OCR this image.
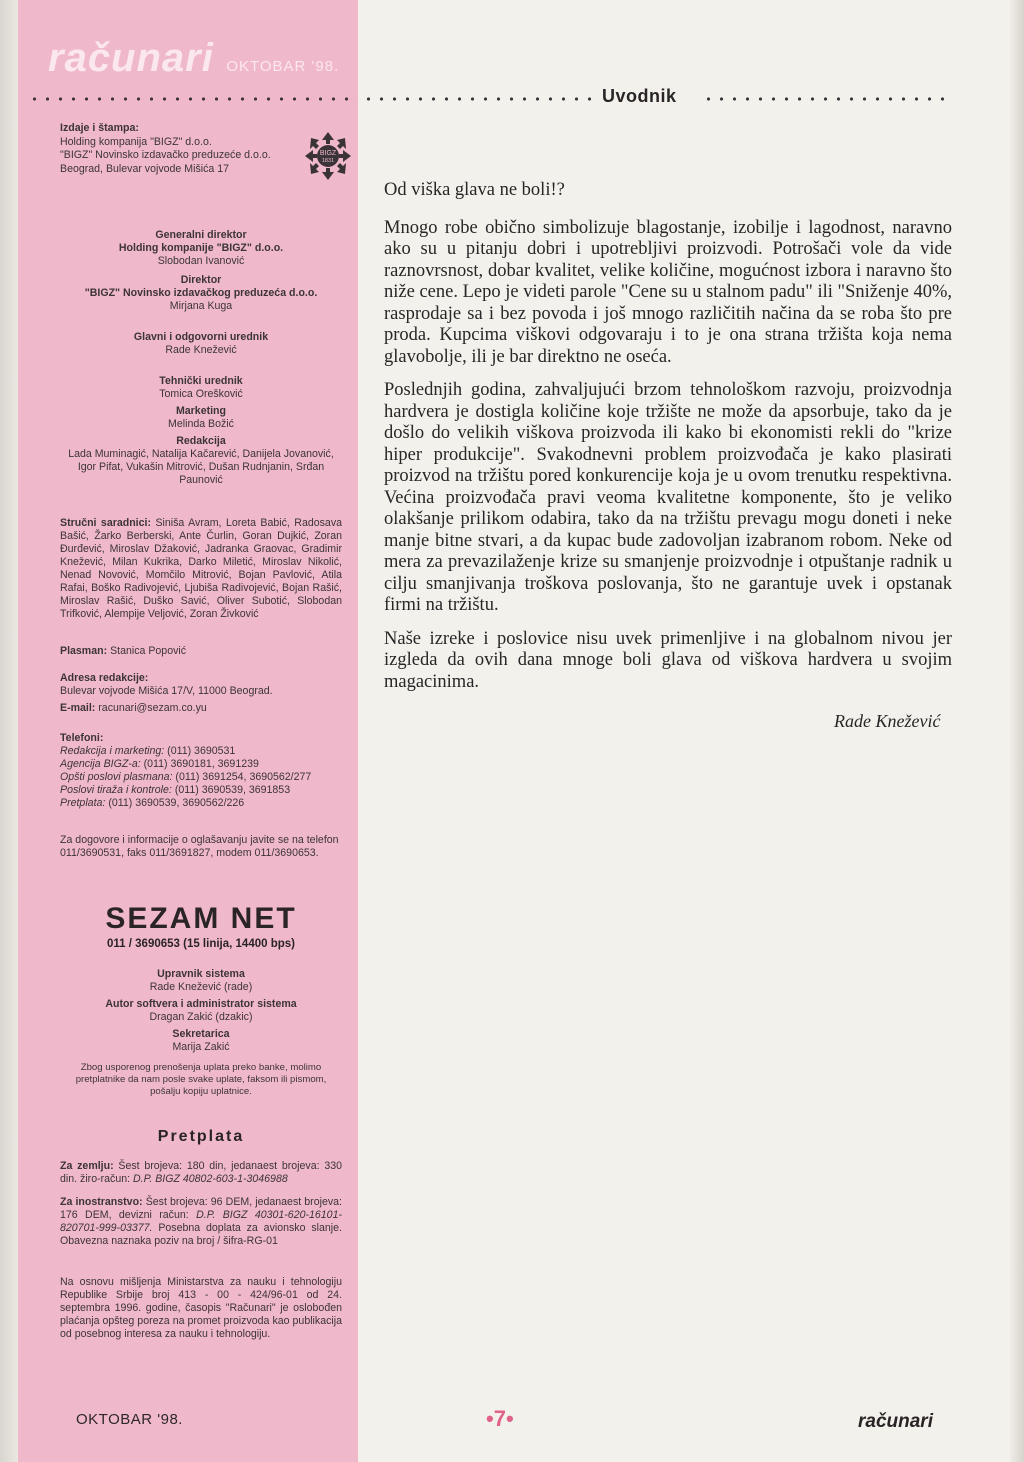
računari OKTOBAR '98.
Uvodnik

Izdaje i štampa:

Holding kompanija "BIGZ" d.o.o.

"BIGZ" Novinsko izdavačko preduzeće d.o.o.

Beograd, Bulevar vojvode Mišića 17

BIGZ
1831
Generalni direktor
Holding kompanije "BIGZ" d.o.o.
Slobodan Ivanović
Direktor
"BIGZ" Novinsko izdavačkog preduzeća d.o.o.
Mirjana Kuga
Glavni i odgovorni urednik
Rade Knežević
Tehnički urednik
Tomica Orešković
Marketing
Melinda Božić
Redakcija
Lada Muminagić, Natalija Kačarević, Danijela Jovanović, Igor Pifat, Vukašin Mitrović, Dušan Rudnjanin, Srđan Paunović
Stručni saradnici: Siniša Avram, Loreta Babić, Radosava Bašić, Žarko Berberski, Ante Čurlin, Goran Dujkić, Zoran Đurđević, Miroslav Džaković, Jadranka Graovac, Gradimir Knežević, Milan Kukrika, Darko Miletić, Miroslav Nikolić, Nenad Novović, Momčilo Mitrović, Bojan Pavlović, Atila Rafai, Boško Radivojević, Ljubiša Radivojević, Bojan Rašić, Miroslav Rašić, Duško Savić, Oliver Subotić, Slobodan Trifković, Alempije Veljović, Zoran Živković
Plasman: Stanica Popović
Adresa redakcije:
Bulevar vojvode Mišića 17/V, 11000 Beograd.
E-mail: racunari@sezam.co.yu
Telefoni:
Redakcija i marketing: (011) 3690531
Agencija BIGZ-a: (011) 3690181, 3691239
Opšti poslovi plasmana: (011) 3691254, 3690562/277
Poslovi tiraža i kontrole: (011) 3690539, 3691853
Pretplata: (011) 3690539, 3690562/226
Za dogovore i informacije o oglašavanju javite se na telefon 011/3690531, faks 011/3691827, modem 011/3690653.
SEZAM NET
011 / 3690653 (15 linija, 14400 bps)
Upravnik sistema
Rade Knežević (rade)
Autor softvera i administrator sistema
Dragan Zakić (dzakic)
Sekretarica
Marija Zakić
Zbog usporenog prenošenja uplata preko banke, molimo pretplatnike da nam posle svake uplate, faksom ili pismom, pošalju kopiju uplatnice.
Pretplata
Za zemlju: Šest brojeva: 180 din, jedanaest brojeva: 330 din. žiro-račun: D.P. BIGZ 40802-603-1-3046988
Za inostranstvo: Šest brojeva: 96 DEM, jedanaest brojeva: 176 DEM, devizni račun: D.P. BIGZ 40301-620-16101-820701-999-03377. Posebna doplata za avionsko slanje. Obavezna naznaka poziv na broj / šifra-RG-01
Na osnovu mišljenja Ministarstva za nauku i tehnologiju Republike Srbije broj 413 - 00 - 424/96-01 od 24. septembra 1996. godine, časopis "Računari" je oslobođen plaćanja opšteg poreza na promet proizvoda kao publikacija od posebnog interesa za nauku i tehnologiju.

Od viška glava ne boli!?

Mnogo robe obično simbolizuje blagostanje, izobilje i lagodnost, naravno ako su u pitanju dobri i upotrebljivi proizvodi. Potrošači vole da vide raznovrsnost, dobar kvalitet, velike količine, mogućnost izbora i naravno što niže cene. Lepo je videti parole "Cene su u stalnom padu" ili "Sniženje 40%, rasprodaje sa i bez povoda i još mnogo različitih načina da se roba što pre proda. Kupcima viškovi odgovaraju i to je ona strana tržišta koja nema glavobolje, ili je bar direktno ne oseća.

Poslednjih godina, zahvaljujući brzom tehnološkom razvoju, proizvodnja hardvera je dostigla količine koje tržište ne može da apsorbuje, tako da je došlo do velikih viškova proizvoda ili kako bi ekonomisti rekli do "krize hiper produkcije". Svakodnevni problem proizvođača je kako plasirati proizvod na tržištu pored konkurencije koja je u ovom trenutku respektivna. Većina proizvođača pravi veoma kvalitetne komponente, što je veliko olakšanje prilikom odabira, tako da na tržištu prevagu mogu doneti i neke manje bitne stvari, a da kupac bude zadovoljan izabranom robom. Neke od mera za prevazilaženje krize su smanjenje proizvodnje i otpuštanje radnik u cilju smanjivanja troškova poslovanja, što ne garantuje uvek i opstanak firmi na tržištu.

Naše izreke i poslovice nisu uvek primenljive i na globalnom nivou jer izgleda da ovih dana mnoge boli glava od viškova hardvera u svojim magacinima.

Rade Knežević
OKTOBAR '98.	•7•	računari
